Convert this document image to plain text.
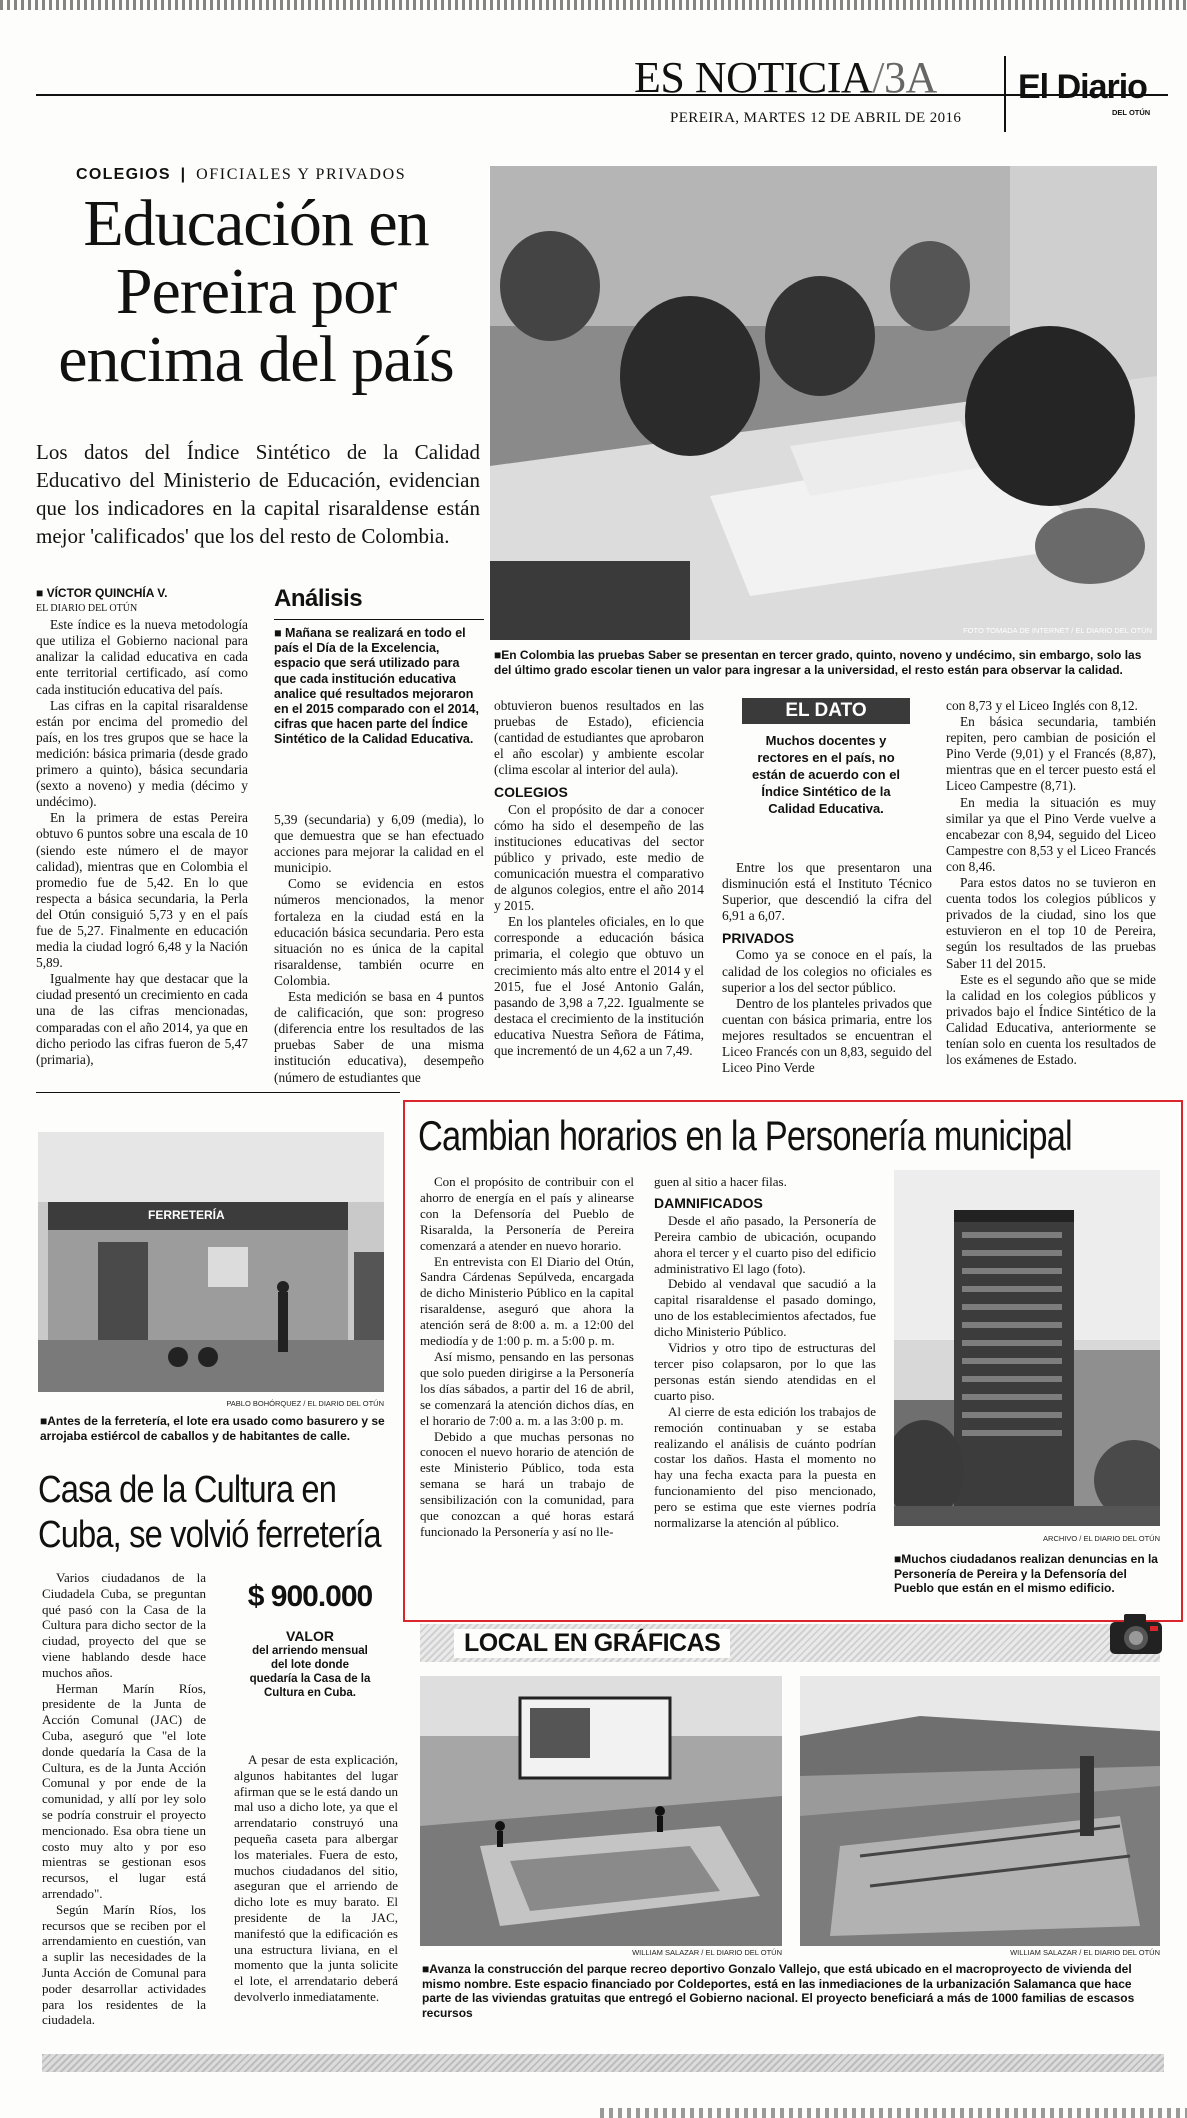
ES NOTICIA/3A El Diario
DEL OTÚN
PEREIRA, MARTES 12 DE ABRIL DE 2016
COLEGIOS | OFICIALES Y PRIVADOS
Educación en Pereira por encima del país
Los datos del Índice Sintético de la Calidad Educativo del Ministerio de Educación, evidencian que los indicadores en la capital risaraldense están mejor 'calificados' que los del resto de Colombia.

■ VÍCTOR QUINCHÍA V.

EL DIARIO DEL OTÚN

Este índice es la nueva metodología que utiliza el Gobierno nacional para analizar la calidad educativa en cada ente territorial certificado, así como cada institución educativa del país.

Las cifras en la capital risaraldense están por encima del promedio del país, en los tres grupos que se hace la medición: básica primaria (desde grado primero a quinto), básica secundaria (sexto a noveno) y media (décimo y undécimo).

En la primera de estas Pereira obtuvo 6 puntos sobre una escala de 10 (siendo este número el de mayor calidad), mientras que en Colombia el promedio fue de 5,42. En lo que respecta a básica secundaria, la Perla del Otún consiguió 5,73 y en el país fue de 5,27. Finalmente en educación media la ciudad logró 6,48 y la Nación 5,89.

Igualmente hay que destacar que la ciudad presentó un crecimiento en cada una de las cifras mencionadas, comparadas con el año 2014, ya que en dicho periodo las cifras fueron de 5,47 (primaria),

Análisis
■ Mañana se realizará en todo el país el Día de la Excelencia, espacio que será utilizado para que cada institución educativa analice qué resultados mejoraron en el 2015 comparado con el 2014, cifras que hacen parte del Índice Sintético de la Calidad Educativa.

5,39 (secundaria) y 6,09 (media), lo que demuestra que se han efectuado acciones para mejorar la calidad en el municipio.

Como se evidencia en estos números mencionados, la menor fortaleza en la ciudad está en la educación básica secundaria. Pero esta situación no es única de la capital risaraldense, también ocurre en Colombia.

Esta medición se basa en 4 puntos de calificación, que son: progreso (diferencia entre los resultados de las pruebas Saber de una misma institución educativa), desempeño (número de estudiantes que

FOTO TOMADA DE INTERNET / EL DIARIO DEL OTÚN
■ En Colombia las pruebas Saber se presentan en tercer grado, quinto, noveno y undécimo, sin embargo, solo las del último grado escolar tienen un valor para ingresar a la universidad, el resto están para observar la calidad.

obtuvieron buenos resultados en las pruebas de Estado), eficiencia (cantidad de estudiantes que aprobaron el año escolar) y ambiente escolar (clima escolar al interior del aula).

COLEGIOS

Con el propósito de dar a conocer cómo ha sido el desempeño de las instituciones educativas del sector público y privado, este medio de comunicación muestra el comparativo de algunos colegios, entre el año 2014 y 2015.

En los planteles oficiales, en lo que corresponde a educación básica primaria, el colegio que obtuvo un crecimiento más alto entre el 2014 y el 2015, fue el José Antonio Galán, pasando de 3,98 a 7,22. Igualmente se destaca el crecimiento de la institución educativa Nuestra Señora de Fátima, que incrementó de un 4,62 a un 7,49.

EL DATO
Muchos docentes y rectores en el país, no están de acuerdo con el Índice Sintético de la Calidad Educativa.

Entre los que presentaron una disminución está el Instituto Técnico Superior, que descendió la cifra del 6,91 a 6,07.

PRIVADOS

Como ya se conoce en el país, la calidad de los colegios no oficiales es superior a los del sector público.

Dentro de los planteles privados que cuentan con básica primaria, entre los mejores resultados se encuentran el Liceo Francés con un 8,83, seguido del Liceo Pino Verde

con 8,73 y el Liceo Inglés con 8,12.

En básica secundaria, también repiten, pero cambian de posición el Pino Verde (9,01) y el Francés (8,87), mientras que en el tercer puesto está el Liceo Campestre (8,71).

En media la situación es muy similar ya que el Pino Verde vuelve a encabezar con 8,94, seguido del Liceo Campestre con 8,53 y el Liceo Francés con 8,46.

Para estos datos no se tuvieron en cuenta todos los colegios públicos y privados de la ciudad, sino los que estuvieron en el top 10 de Pereira, según los resultados de las pruebas Saber 11 del 2015.

Este es el segundo año que se mide la calidad en los colegios públicos y privados bajo el Índice Sintético de la Calidad Educativa, anteriormente se tenían solo en cuenta los resultados de los exámenes de Estado.

FERRETERÍA
PABLO BOHÓRQUEZ / EL DIARIO DEL OTÚN
■ Antes de la ferretería, el lote era usado como basurero y se arrojaba estiércol de caballos y de habitantes de calle.
Casa de la Cultura en Cuba, se volvió ferretería

Varios ciudadanos de la Ciudadela Cuba, se preguntan qué pasó con la Casa de la Cultura para dicho sector de la ciudad, proyecto del que se viene hablando desde hace muchos años.

Herman Marín Ríos, presidente de la Junta de Acción Comunal (JAC) de Cuba, aseguró que "el lote donde quedaría la Casa de la Cultura, es de la Junta Acción Comunal y por ende de la comunidad, y allí por ley solo se podría construir el proyecto mencionado. Esa obra tiene un costo muy alto y por eso mientras se gestionan esos recursos, el lugar está arrendado".

Según Marín Ríos, los recursos que se reciben por el arrendamiento en cuestión, van a suplir las necesidades de la Junta Acción de Comunal para poder desarrollar actividades para los residentes de la ciudadela.

$ 900.000
VALOR
del arriendo mensual del lote donde quedaría la Casa de la Cultura en Cuba.

A pesar de esta explicación, algunos habitantes del lugar afirman que se le está dando un mal uso a dicho lote, ya que el arrendatario construyó una pequeña caseta para albergar los materiales. Fuera de esto, muchos ciudadanos del sitio, aseguran que el arriendo de dicho lote es muy barato. El presidente de la JAC, manifestó que la edificación es una estructura liviana, en el momento que la junta solicite el lote, el arrendatario deberá devolverlo inmediatamente.

Cambian horarios en la Personería municipal

Con el propósito de contribuir con el ahorro de energía en el país y alinearse con la Defensoría del Pueblo de Risaralda, la Personería de Pereira comenzará a atender en nuevo horario.

En entrevista con El Diario del Otún, Sandra Cárdenas Sepúlveda, encargada de dicho Ministerio Público en la capital risaraldense, aseguró que ahora la atención será de 8:00 a. m. a 12:00 del mediodía y de 1:00 p. m. a 5:00 p. m.

Así mismo, pensando en las personas que solo pueden dirigirse a la Personería los días sábados, a partir del 16 de abril, se comenzará la atención dichos días, en el horario de 7:00 a. m. a las 3:00 p. m.

Debido a que muchas personas no conocen el nuevo horario de atención de este Ministerio Público, toda esta semana se hará un trabajo de sensibilización con la comunidad, para que conozcan a qué horas estará funcionado la Personería y así no lle-

guen al sitio a hacer filas.

DAMNIFICADOS

Desde el año pasado, la Personería de Pereira cambio de ubicación, ocupando ahora el tercer y el cuarto piso del edificio administrativo El lago (foto).

Debido al vendaval que sacudió a la capital risaraldense el pasado domingo, uno de los establecimientos afectados, fue dicho Ministerio Público.

Vidrios y otro tipo de estructuras del tercer piso colapsaron, por lo que las personas están siendo atendidas en el cuarto piso.

Al cierre de esta edición los trabajos de remoción continuaban y se estaba realizando el análisis de cuánto podrían costar los daños. Hasta el momento no hay una fecha exacta para la puesta en funcionamiento del piso mencionado, pero se estima que este viernes podría normalizarse la atención al público.

ARCHIVO / EL DIARIO DEL OTÚN
■ Muchos ciudadanos realizan denuncias en la Personería de Pereira y la Defensoría del Pueblo que están en el mismo edificio.
LOCAL EN GRÁFICAS
WILLIAM SALAZAR / EL DIARIO DEL OTÚN	WILLIAM SALAZAR / EL DIARIO DEL OTÚN
■ Avanza la construcción del parque recreo deportivo Gonzalo Vallejo, que está ubicado en el macroproyecto de vivienda del mismo nombre. Este espacio financiado por Coldeportes, está en las inmediaciones de la urbanización Salamanca que hace parte de las viviendas gratuitas que entregó el Gobierno nacional. El proyecto beneficiará a más de 1000 familias de escasos recursos
